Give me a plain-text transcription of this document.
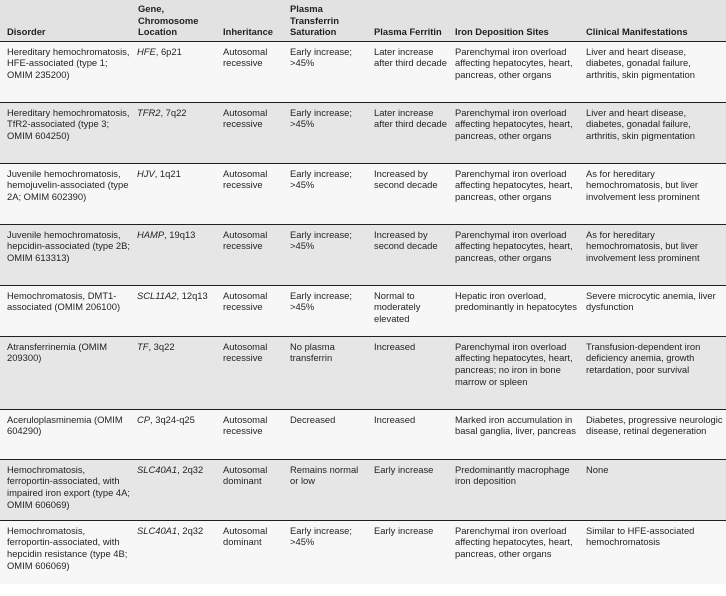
Disorder	Gene, Chromosome Location	Inheritance	Plasma Transferrin Saturation	Plasma Ferritin	Iron Deposition Sites	Clinical Manifestations
Hereditary hemochromatosis, HFE-associated (type 1; OMIM 235200)	HFE, 6p21	Autosomal recessive	Early increase; >45%	Later increase after third decade	Parenchymal iron overload affecting hepatocytes, heart, pancreas, other organs	Liver and heart disease, diabetes, gonadal failure, arthritis, skin pigmentation
Hereditary hemochromatosis, TfR2-associated (type 3; OMIM 604250)	TFR2, 7q22	Autosomal recessive	Early increase; >45%	Later increase after third decade	Parenchymal iron overload affecting hepatocytes, heart, pancreas, other organs	Liver and heart disease, diabetes, gonadal failure, arthritis, skin pigmentation
Juvenile hemochromatosis, hemojuvelin-associated (type 2A; OMIM 602390)	HJV, 1q21	Autosomal recessive	Early increase; >45%	Increased by second decade	Parenchymal iron overload affecting hepatocytes, heart, pancreas, other organs	As for hereditary hemochromatosis, but liver involvement less prominent
Juvenile hemochromatosis, hepcidin-associated (type 2B; OMIM 613313)	HAMP, 19q13	Autosomal recessive	Early increase; >45%	Increased by second decade	Parenchymal iron overload affecting hepatocytes, heart, pancreas, other organs	As for hereditary hemochromatosis, but liver involvement less prominent
Hemochromatosis, DMT1-associated (OMIM 206100)	SCL11A2, 12q13	Autosomal recessive	Early increase; >45%	Normal to moderately elevated	Hepatic iron overload, predominantly in hepatocytes	Severe microcytic anemia, liver dysfunction
Atransferrinemia (OMIM 209300)	TF, 3q22	Autosomal recessive	No plasma transferrin	Increased	Parenchymal iron overload affecting hepatocytes, heart, pancreas; no iron in bone marrow or spleen	Transfusion-dependent iron deficiency anemia, growth retardation, poor survival
Aceruloplasminemia (OMIM 604290)	CP, 3q24-q25	Autosomal recessive	Decreased	Increased	Marked iron accumulation in basal ganglia, liver, pancreas	Diabetes, progressive neurologic disease, retinal degeneration
Hemochromatosis, ferroportin-associated, with impaired iron export (type 4A; OMIM 606069)	SLC40A1, 2q32	Autosomal dominant	Remains normal or low	Early increase	Predominantly macrophage iron deposition	None
Hemochromatosis, ferroportin-associated, with hepcidin resistance (type 4B; OMIM 606069)	SLC40A1, 2q32	Autosomal dominant	Early increase; >45%	Early increase	Parenchymal iron overload affecting hepatocytes, heart, pancreas, other organs	Similar to HFE-associated hemochromatosis
